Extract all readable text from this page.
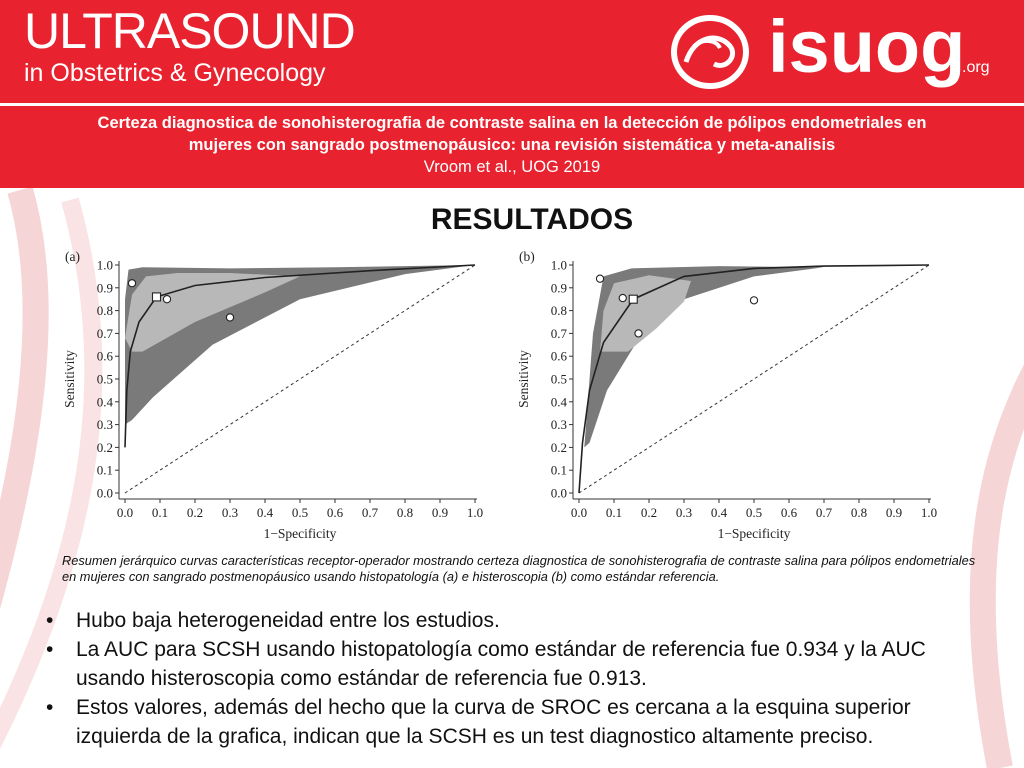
ULTRASOUND
in Obstetrics & Gynecology	isuog
.org
Certeza diagnostica de sonohisterografia de contraste salina en la detección de pólipos endometriales en
mujeres con sangrado postmenopáusico: una revisión sistemática y meta-analisis
Vroom et al., UOG 2019
RESULTADOS
0.0 0.1 0.2 0.3 0.4 0.5 0.6 0.7 0.8 0.9 1.0
0.0
0.1
0.2
0.3
0.4
0.5
0.6
0.7
0.8
0.9
1.0
1−Specificity
Sensitivity
(a)
0.0 0.1 0.2 0.3 0.4 0.5 0.6 0.7 0.8 0.9 1.0
0.0
0.1
0.2
0.3
0.4
0.5
0.6
0.7
0.8
0.9
1.0
1−Specificity
Sensitivity
(b)
Resumen jerárquico curvas características receptor-operador mostrando certeza diagnostica de sonohisterografia de contraste salina para pólipos endometriales en mujeres con sangrado postmenopáusico usando histopatología (a) e histeroscopia (b) como estándar referencia.
• Hubo baja heterogeneidad entre los estudios.
• La AUC para SCSH usando histopatología como estándar de referencia fue 0.934 y la AUC usando histeroscopia como estándar de referencia fue 0.913.
• Estos valores, además del hecho que la curva de SROC es cercana a la esquina superior izquierda de la grafica, indican que la SCSH es un test diagnostico altamente preciso.
